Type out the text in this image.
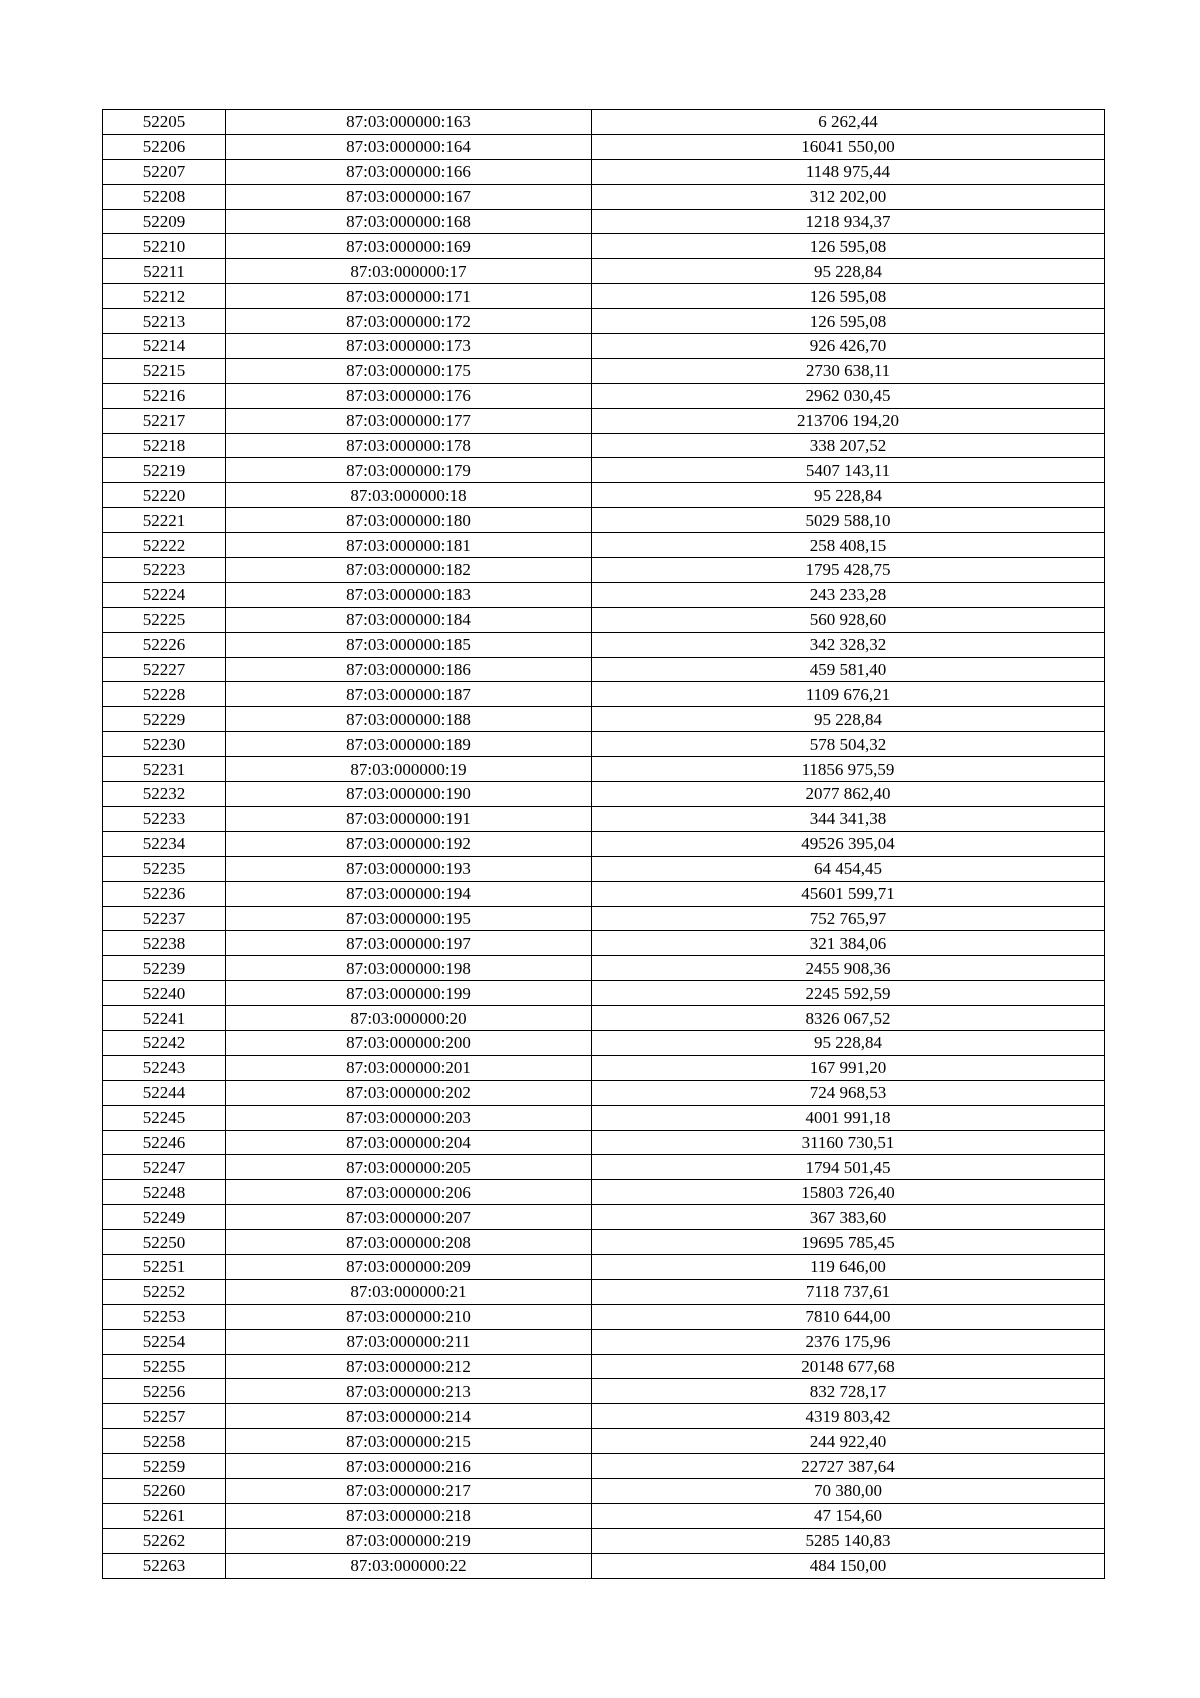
52205	87:03:000000:163	6 262,44
52206	87:03:000000:164	16041 550,00
52207	87:03:000000:166	1148 975,44
52208	87:03:000000:167	312 202,00
52209	87:03:000000:168	1218 934,37
52210	87:03:000000:169	126 595,08
52211	87:03:000000:17	95 228,84
52212	87:03:000000:171	126 595,08
52213	87:03:000000:172	126 595,08
52214	87:03:000000:173	926 426,70
52215	87:03:000000:175	2730 638,11
52216	87:03:000000:176	2962 030,45
52217	87:03:000000:177	213706 194,20
52218	87:03:000000:178	338 207,52
52219	87:03:000000:179	5407 143,11
52220	87:03:000000:18	95 228,84
52221	87:03:000000:180	5029 588,10
52222	87:03:000000:181	258 408,15
52223	87:03:000000:182	1795 428,75
52224	87:03:000000:183	243 233,28
52225	87:03:000000:184	560 928,60
52226	87:03:000000:185	342 328,32
52227	87:03:000000:186	459 581,40
52228	87:03:000000:187	1109 676,21
52229	87:03:000000:188	95 228,84
52230	87:03:000000:189	578 504,32
52231	87:03:000000:19	11856 975,59
52232	87:03:000000:190	2077 862,40
52233	87:03:000000:191	344 341,38
52234	87:03:000000:192	49526 395,04
52235	87:03:000000:193	64 454,45
52236	87:03:000000:194	45601 599,71
52237	87:03:000000:195	752 765,97
52238	87:03:000000:197	321 384,06
52239	87:03:000000:198	2455 908,36
52240	87:03:000000:199	2245 592,59
52241	87:03:000000:20	8326 067,52
52242	87:03:000000:200	95 228,84
52243	87:03:000000:201	167 991,20
52244	87:03:000000:202	724 968,53
52245	87:03:000000:203	4001 991,18
52246	87:03:000000:204	31160 730,51
52247	87:03:000000:205	1794 501,45
52248	87:03:000000:206	15803 726,40
52249	87:03:000000:207	367 383,60
52250	87:03:000000:208	19695 785,45
52251	87:03:000000:209	119 646,00
52252	87:03:000000:21	7118 737,61
52253	87:03:000000:210	7810 644,00
52254	87:03:000000:211	2376 175,96
52255	87:03:000000:212	20148 677,68
52256	87:03:000000:213	832 728,17
52257	87:03:000000:214	4319 803,42
52258	87:03:000000:215	244 922,40
52259	87:03:000000:216	22727 387,64
52260	87:03:000000:217	70 380,00
52261	87:03:000000:218	47 154,60
52262	87:03:000000:219	5285 140,83
52263	87:03:000000:22	484 150,00
